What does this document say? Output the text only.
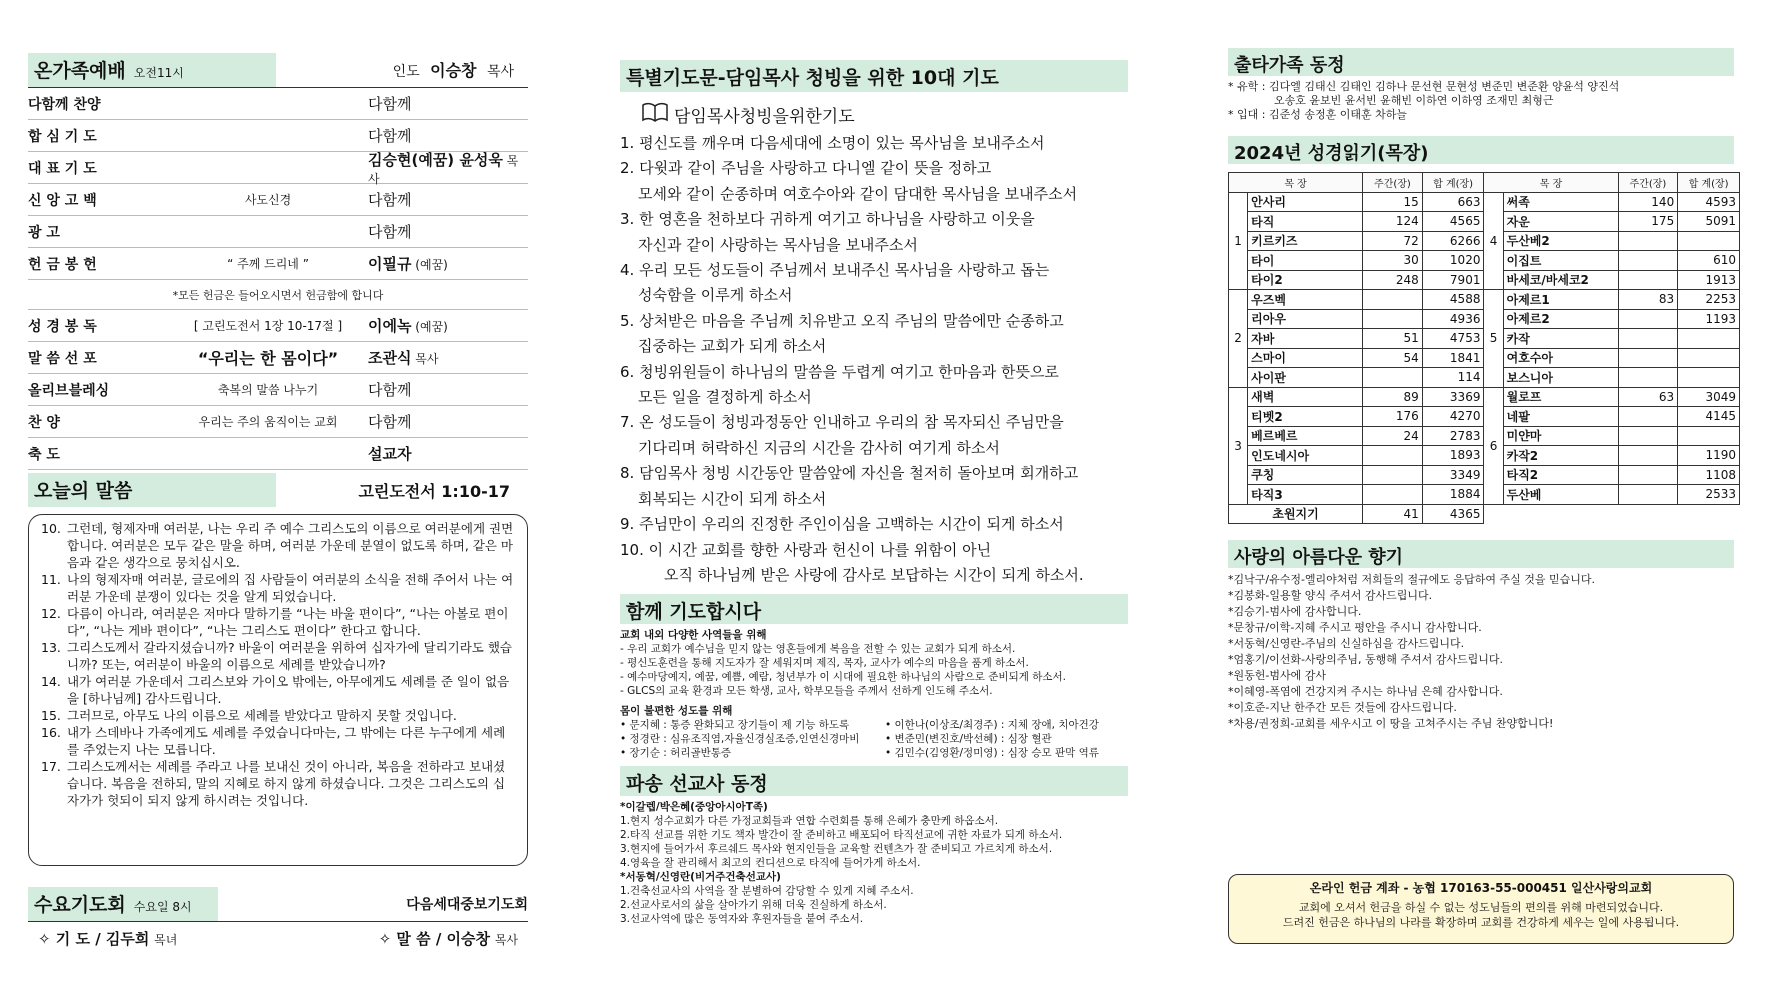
온가족예배 오전11시	인도 이승창 목사
다함께 찬양	다함께
합 심 기 도	다함께
대 표 기 도	김승현(예꿈) 윤성욱 목사
신 앙 고 백	사도신경	다함께
광 고	다함께
헌 금 봉 헌	“ 주께 드리네 ”	이필규 (예꿈)
*모든 헌금은 들어오시면서 헌금함에 합니다
성 경 봉 독	[ 고린도전서 1장 10-17절 ]	이에녹 (예꿈)
말 씀 선 포	“우리는 한 몸이다”	조관식 목사
올리브블레싱	축복의 말씀 나누기	다함께
찬 양	우리는 주의 움직이는 교회	다함께
축 도	설교자
오늘의 말씀	고린도전서 1:10-17
10. 그런데, 형제자매 여러분, 나는 우리 주 예수 그리스도의 이름으로 여러분에게 권면합니다. 여러분은 모두 같은 말을 하며, 여러분 가운데 분열이 없도록 하며, 같은 마음과 같은 생각으로 뭉치십시오.
11. 나의 형제자매 여러분, 글로에의 집 사람들이 여러분의 소식을 전해 주어서 나는 여러분 가운데 분쟁이 있다는 것을 알게 되었습니다.
12. 다름이 아니라, 여러분은 저마다 말하기를 “나는 바울 편이다”, “나는 아볼로 편이다”, “나는 게바 편이다”, “나는 그리스도 편이다” 한다고 합니다.
13. 그리스도께서 갈라지셨습니까? 바울이 여러분을 위하여 십자가에 달리기라도 했습니까? 또는, 여러분이 바울의 이름으로 세례를 받았습니까?
14. 내가 여러분 가운데서 그리스보와 가이오 밖에는, 아무에게도 세례를 준 일이 없음을 [하나님께] 감사드립니다.
15. 그러므로, 아무도 나의 이름으로 세례를 받았다고 말하지 못할 것입니다.
16. 내가 스데바나 가족에게도 세례를 주었습니다마는, 그 밖에는 다른 누구에게 세례를 주었는지 나는 모릅니다.
17. 그리스도께서는 세례를 주라고 나를 보내신 것이 아니라, 복음을 전하라고 보내셨습니다. 복음을 전하되, 말의 지혜로 하지 않게 하셨습니다. 그것은 그리스도의 십자가가 헛되이 되지 않게 하시려는 것입니다.
수요기도회 수요일 8시	다음세대중보기도회
✧ 기 도 / 김두희 목녀	✧ 말 씀 / 이승창 목사
특별기도문-담임목사 청빙을 위한 10대 기도
담임목사청빙을위한기도
1. 평신도를 깨우며 다음세대에 소명이 있는 목사님을 보내주소서
2. 다윗과 같이 주님을 사랑하고 다니엘 같이 뜻을 정하고
모세와 같이 순종하며 여호수아와 같이 담대한 목사님을 보내주소서
3. 한 영혼을 천하보다 귀하게 여기고 하나님을 사랑하고 이웃을
자신과 같이 사랑하는 목사님을 보내주소서
4. 우리 모든 성도들이 주님께서 보내주신 목사님을 사랑하고 돕는
성숙함을 이루게 하소서
5. 상처받은 마음을 주님께 치유받고 오직 주님의 말씀에만 순종하고
집중하는 교회가 되게 하소서
6. 청빙위원들이 하나님의 말씀을 두렵게 여기고 한마음과 한뜻으로
모든 일을 결정하게 하소서
7. 온 성도들이 청빙과정동안 인내하고 우리의 참 목자되신 주님만을
기다리며 허락하신 지금의 시간을 감사히 여기게 하소서
8. 담임목사 청빙 시간동안 말씀앞에 자신을 철저히 돌아보며 회개하고
회복되는 시간이 되게 하소서
9. 주님만이 우리의 진정한 주인이심을 고백하는 시간이 되게 하소서
10. 이 시간 교회를 향한 사랑과 헌신이 나를 위함이 아닌
오직 하나님께 받은 사랑에 감사로 보답하는 시간이 되게 하소서.
함께 기도합시다
교회 내외 다양한 사역들을 위해
- 우리 교회가 예수님을 믿지 않는 영혼들에게 복음을 전할 수 있는 교회가 되게 하소서.
- 평신도훈련을 통해 지도자가 잘 세워지며 제직, 목자, 교사가 예수의 마음을 품게 하소서.
- 예수마당예지, 예꿈, 예쁨, 예람, 청년부가 이 시대에 필요한 하나님의 사람으로 준비되게 하소서.
- GLCS의 교육 환경과 모든 학생, 교사, 학부모들을 주께서 선하게 인도해 주소서.
몸이 불편한 성도를 위해
• 문지혜 : 통증 완화되고 장기들이 제 기능 하도록
• 정경란 : 심유조직염,자율신경실조증,인연신경마비
• 장기순 : 허리골반통증
• 이한나(이상조/최경주) : 지체 장애, 치아건강
• 변준민(변진호/박선혜) : 심장 혈관
• 김민수(김영환/정미영) : 심장 승모 판막 역류
파송 선교사 동정
*이갈렙/박은혜(중앙아시아T족)
1.현지 성수교회가 다른 가정교회들과 연합 수련회를 통해 은혜가 충만케 하옵소서.
2.타직 선교를 위한 기도 책자 발간이 잘 준비하고 배포되어 타직선교에 귀한 자료가 되게 하소서.
3.현지에 들어가서 후르쉐드 목사와 현지인들을 교육할 컨텐츠가 잘 준비되고 가르치게 하소서.
4.영육을 잘 관리해서 최고의 컨디션으로 타직에 들어가게 하소서.
*서동혁/신영란(비거주건축선교사)
1.건축선교사의 사역을 잘 분별하여 감당할 수 있게 지혜 주소서.
2.선교사로서의 삶을 살아가기 위해 더욱 진실하게 하소서.
3.선교사역에 많은 동역자와 후원자들을 붙여 주소서.
출타가족 동정
* 유학 : 김다엘 김태신 김태인 김하나 문선현 문현성 변준민 변준환 양윤석 양진석
오송호 윤보빈 윤서빈 윤해빈 이하연 이하영 조재민 최형근
* 입대 : 김준성 송정훈 이태훈 차하늘
2024년 성경읽기(목장)
목 장		주간(장)	합 계(장)	목 장		주간(장)	합 계(장)
1	안사리	15	663	4	써족	140	4593
	타직	124	4565		자운	175	5091
	키르키즈	72	6266		두산베2		
	타이	30	1020		이집트		610
	타이2	248	7901		바세코/바세코2		1913
2	우즈벡		4588	5	아제르1	83	2253
	리아우		4936		아제르2		1193
	자바	51	4753		카작		
	스마이	54	1841		여호수아		
	사이판		114		보스니아		
3	새벽	89	3369	6	월로프	63	3049
	티벳2	176	4270		네팔		4145
	베르베르	24	2783		미얀마		
	인도네시아		1893		카작2		1190
	쿠칭		3349		타직2		1108
	타직3		1884		두산베		2533
초원지기		41	4365				
사랑의 아름다운 향기
*김낙구/유수정-엘리야처럼 저희들의 절규에도 응답하여 주실 것을 믿습니다.
*김봉화-일용할 양식 주셔서 감사드립니다.
*김승기-범사에 감사합니다.
*문창규/이학-지혜 주시고 평안을 주시니 감사합니다.
*서동혁/신영란-주님의 신실하심을 감사드립니다.
*엄홍기/이선화-사랑의주님, 동행해 주셔서 감사드립니다.
*원동헌-범사에 감사
*이혜영-폭염에 건강지켜 주시는 하나님 은혜 감사합니다.
*이호준-지난 한주간 모든 것들에 감사드립니다.
*차용/권정희-교회를 세우시고 이 땅을 고쳐주시는 주님 찬양합니다!
온라인 헌금 계좌 - 농협 170163-55-000451 일산사랑의교회
교회에 오셔서 헌금을 하실 수 없는 성도님들의 편의를 위해 마련되었습니다.
드려진 헌금은 하나님의 나라를 확장하며 교회를 건강하게 세우는 일에 사용됩니다.
